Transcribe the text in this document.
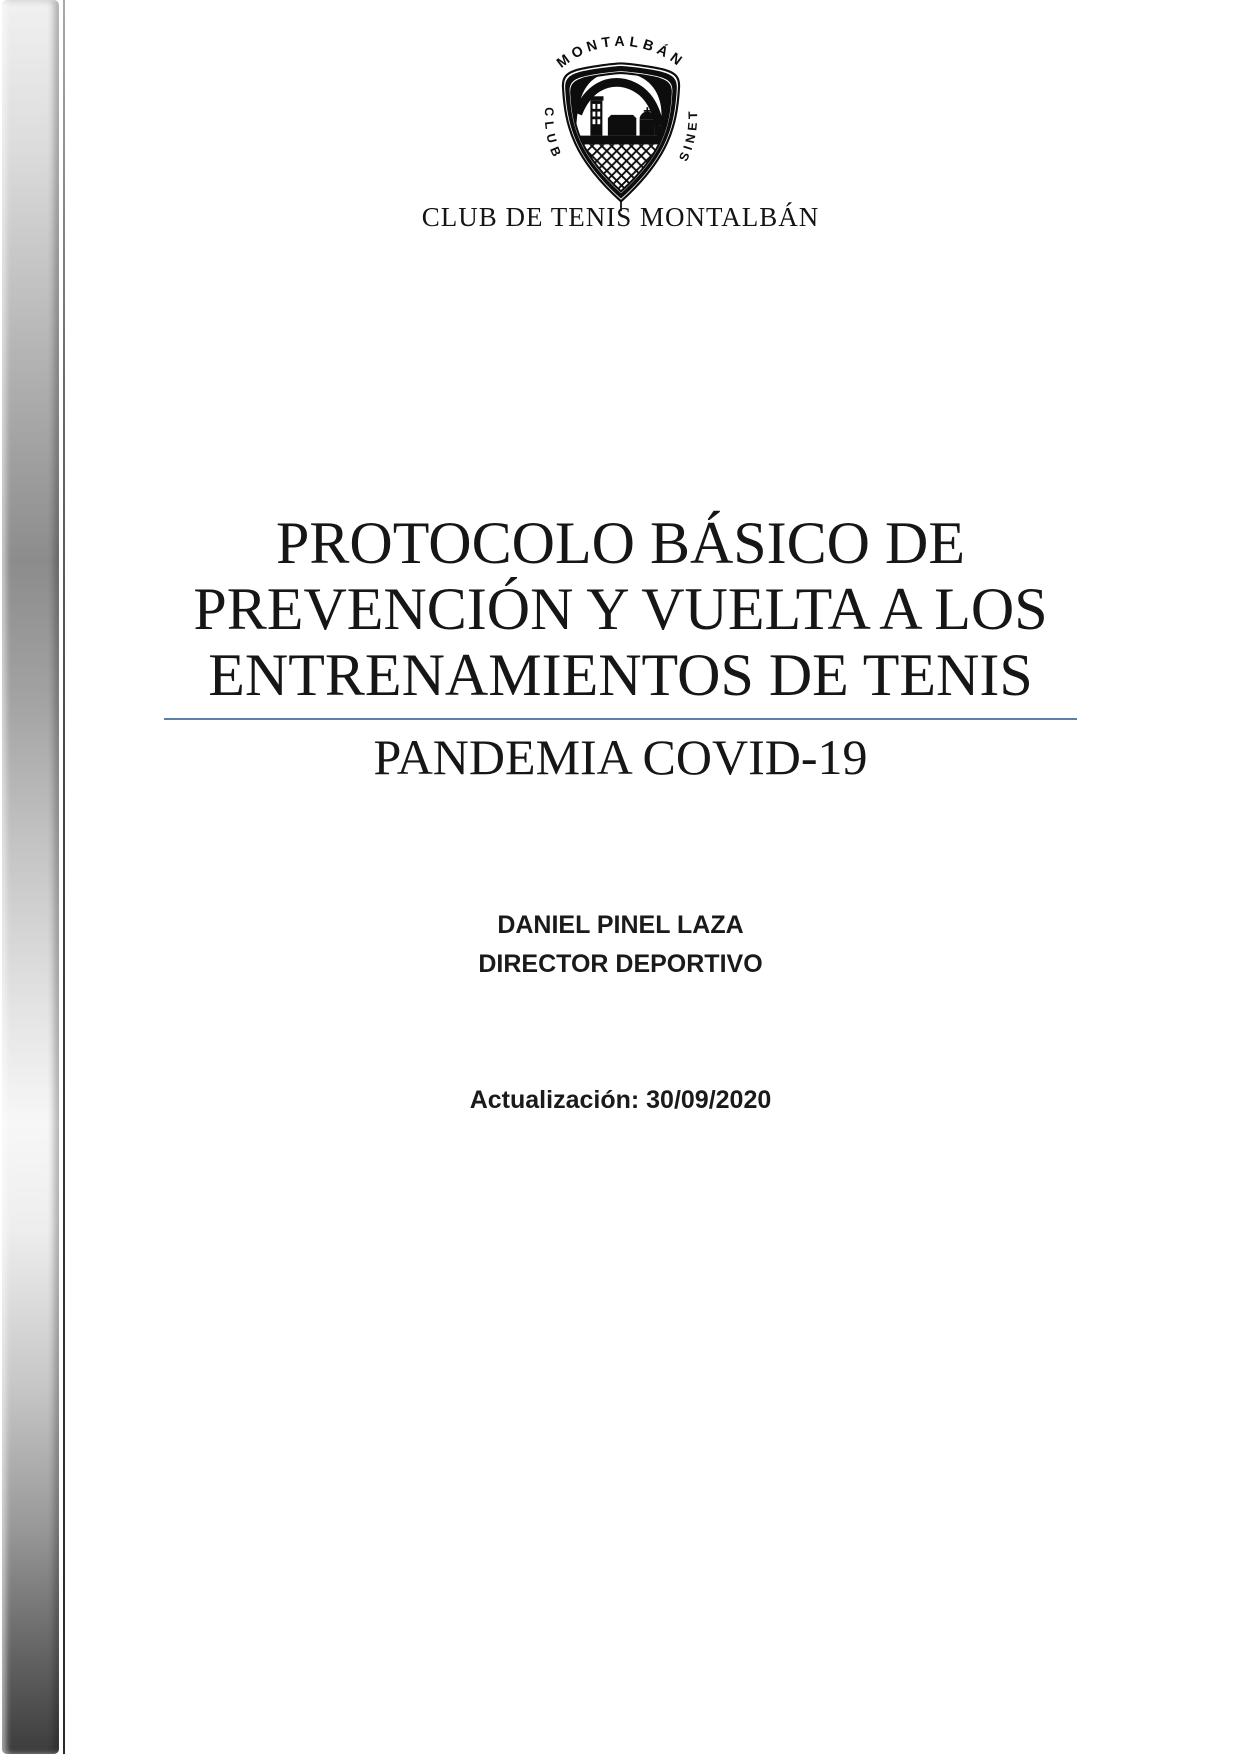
MONTALBÁN
CLUB	SINET
CLUB DE TENIS MONTALBÁN
PROTOCOLO BÁSICO DE
PREVENCIÓN Y VUELTA A LOS
ENTRENAMIENTOS DE TENIS
PANDEMIA COVID-19
DANIEL PINEL LAZA
DIRECTOR DEPORTIVO
Actualización: 30/09/2020
